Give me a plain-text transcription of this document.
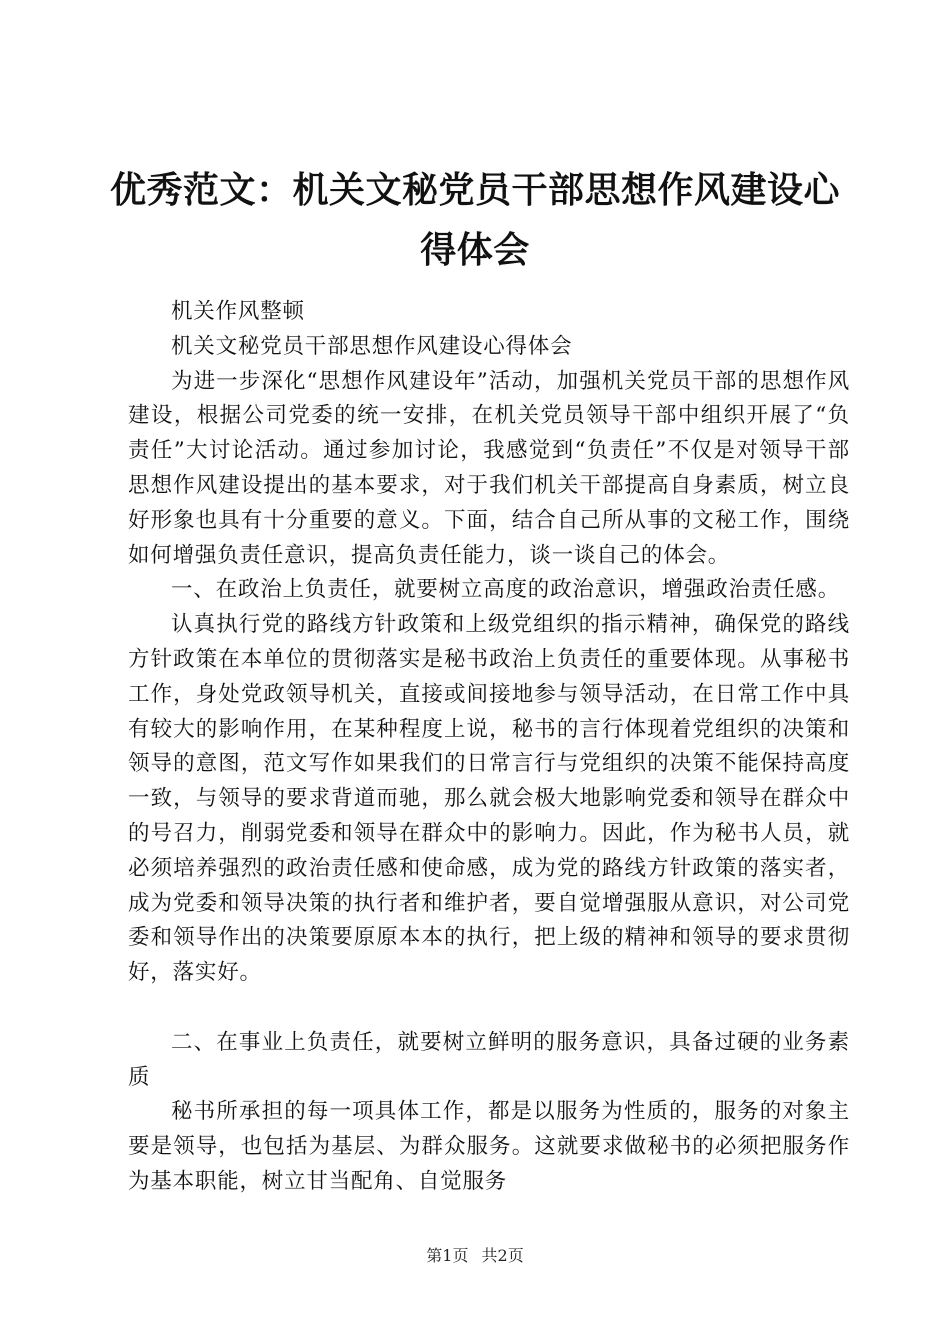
优秀范文：机关文秘党员干部思想作风建设心
得体会

机关作风整顿

机关文秘党员干部思想作风建设心得体会

为进一步深化“思想作风建设年”活动，加强机关党员干部的思想作风建设，根据公司党委的统一安排，在机关党员领导干部中组织开展了“负责任”大讨论活动。通过参加讨论，我感觉到“负责任”不仅是对领导干部思想作风建设提出的基本要求，对于我们机关干部提高自身素质，树立良好形象也具有十分重要的意义。下面，结合自己所从事的文秘工作，围绕如何增强负责任意识，提高负责任能力，谈一谈自己的体会。

一、在政治上负责任，就要树立高度的政治意识，增强政治责任感。

认真执行党的路线方针政策和上级党组织的指示精神，确保党的路线方针政策在本单位的贯彻落实是秘书政治上负责任的重要体现。从事秘书工作，身处党政领导机关，直接或间接地参与领导活动，在日常工作中具有较大的影响作用，在某种程度上说，秘书的言行体现着党组织的决策和领导的意图，范文写作如果我们的日常言行与党组织的决策不能保持高度一致，与领导的要求背道而驰，那么就会极大地影响党委和领导在群众中的号召力，削弱党委和领导在群众中的影响力。因此，作为秘书人员，就必须培养强烈的政治责任感和使命感，成为党的路线方针政策的落实者，成为党委和领导决策的执行者和维护者，要自觉增强服从意识，对公司党委和领导作出的决策要原原本本的执行，把上级的精神和领导的要求贯彻好，落实好。

二、在事业上负责任，就要树立鲜明的服务意识，具备过硬的业务素质

秘书所承担的每一项具体工作，都是以服务为性质的，服务的对象主要是领导，也包括为基层、为群众服务。这就要求做秘书的必须把服务作为基本职能，树立甘当配角、自觉服务

第1页 共2页
